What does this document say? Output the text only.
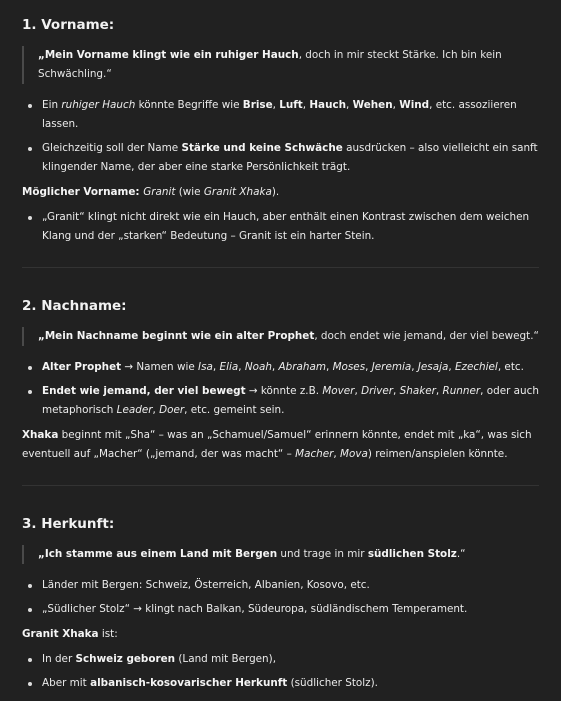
1. Vorname:
„Mein Vorname klingt wie ein ruhiger Hauch, doch in mir steckt Stärke. Ich bin kein Schwächling.“
Ein ruhiger Hauch könnte Begriffe wie Brise, Luft, Hauch, Wehen, Wind, etc. assoziieren lassen.
Gleichzeitig soll der Name Stärke und keine Schwäche ausdrücken – also vielleicht ein sanft klingender Name, der aber eine starke Persönlichkeit trägt.

Möglicher Vorname: Granit (wie Granit Xhaka).

„Granit“ klingt nicht direkt wie ein Hauch, aber enthält einen Kontrast zwischen dem weichen Klang und der „starken“ Bedeutung – Granit ist ein harter Stein.
2. Nachname:
„Mein Nachname beginnt wie ein alter Prophet, doch endet wie jemand, der viel bewegt.“
Alter Prophet → Namen wie Isa, Elia, Noah, Abraham, Moses, Jeremia, Jesaja, Ezechiel, etc.
Endet wie jemand, der viel bewegt → könnte z.B. Mover, Driver, Shaker, Runner, oder auch metaphorisch Leader, Doer, etc. gemeint sein.

Xhaka beginnt mit „Sha“ – was an „Schamuel/Samuel“ erinnern könnte, endet mit „ka“, was sich eventuell auf „Macher“ („jemand, der was macht“ – Macher, Mova) reimen/anspielen könnte.

3. Herkunft:
„Ich stamme aus einem Land mit Bergen und trage in mir südlichen Stolz.“
Länder mit Bergen: Schweiz, Österreich, Albanien, Kosovo, etc.
„Südlicher Stolz“ → klingt nach Balkan, Südeuropa, südländischem Temperament.

Granit Xhaka ist:

In der Schweiz geboren (Land mit Bergen),
Aber mit albanisch-kosovarischer Herkunft (südlicher Stolz).
